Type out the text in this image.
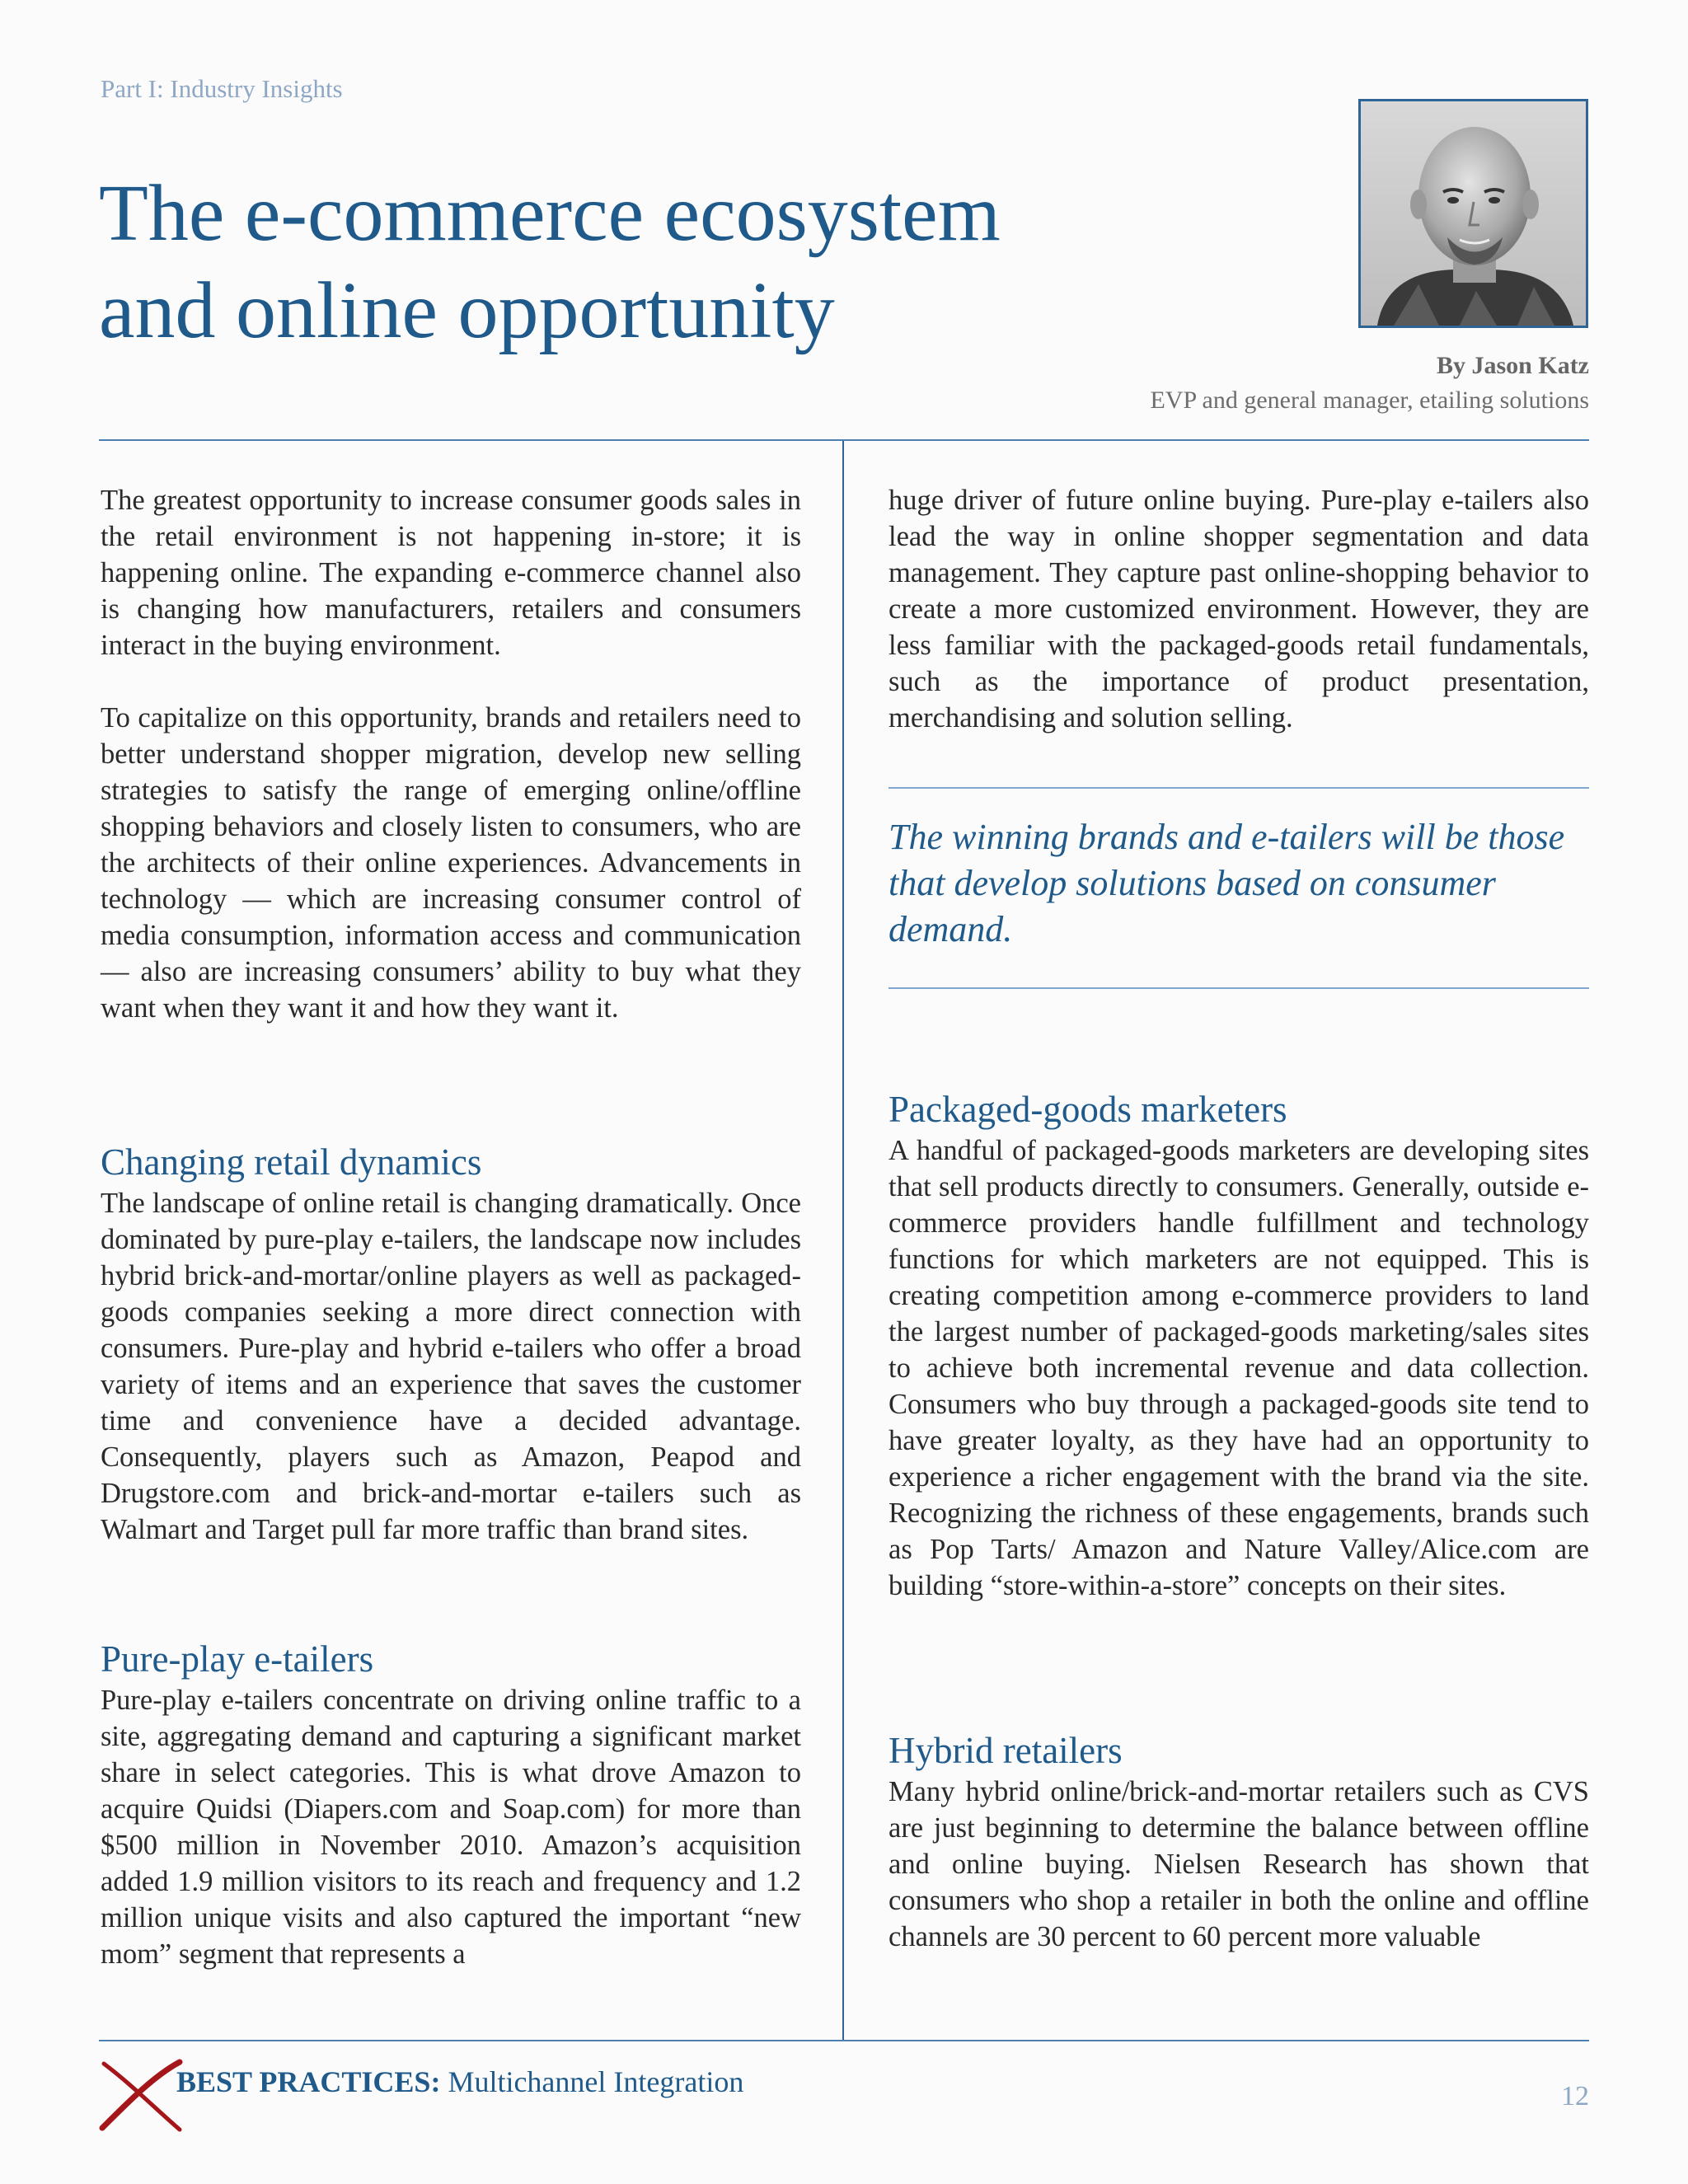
Part I: Industry Insights
The e-commerce ecosystem
and online opportunity
By Jason Katz
EVP and general manager, etailing solutions

The greatest opportunity to increase consumer goods sales in the retail environment is not happening in-store; it is happening online. The expanding e-commerce channel also is changing how manufacturers, retailers and consumers interact in the buying environment.

To capitalize on this opportunity, brands and retailers need to better understand shopper migration, develop new selling strategies to satisfy the range of emerging online/offline shopping behaviors and closely listen to consumers, who are the architects of their online experiences. Advancements in technology — which are increasing consumer control of media consumption, information access and communication — also are increasing consumers’ ability to buy what they want when they want it and how they want it.

Changing retail dynamics

The landscape of online retail is changing dramatically. Once dominated by pure-play e-tailers, the landscape now includes hybrid brick-and-mortar/online players as well as packaged-goods companies seeking a more direct connection with consumers. Pure-play and hybrid e-tailers who offer a broad variety of items and an experience that saves the customer time and convenience have a decided advantage. Consequently, players such as Amazon, Peapod and Drugstore.com and brick-and-mortar e-tailers such as Walmart and Target pull far more traffic than brand sites.

Pure-play e-tailers

Pure-play e-tailers concentrate on driving online traffic to a site, aggregating demand and capturing a significant market share in select categories. This is what drove Amazon to acquire Quidsi (Diapers.com and Soap.com) for more than $500 million in November 2010. Amazon’s acquisition added 1.9 million visitors to its reach and frequency and 1.2 million unique visits and also captured the important “new mom” segment that represents a

huge driver of future online buying. Pure-play e-tailers also lead the way in online shopper segmentation and data management. They capture past online-shopping behavior to create a more customized environment. However, they are less familiar with the packaged-goods retail fundamentals, such as the importance of product presentation, merchandising and solution selling.

The winning brands and e-tailers will be those that develop solutions based on consumer demand.
Packaged-goods marketers

A handful of packaged-goods marketers are developing sites that sell products directly to consumers. Generally, outside e-commerce providers handle fulfillment and technology functions for which marketers are not equipped. This is creating competition among e-commerce providers to land the largest number of packaged-goods marketing/sales sites to achieve both incremental revenue and data collection. Consumers who buy through a packaged-goods site tend to have greater loyalty, as they have had an opportunity to experience a richer engagement with the brand via the site. Recognizing the richness of these engagements, brands such as Pop Tarts/ Amazon and Nature Valley/Alice.com are building “store-within-a-store” concepts on their sites.

Hybrid retailers

Many hybrid online/brick-and-mortar retailers such as CVS are just beginning to determine the balance between offline and online buying. Nielsen Research has shown that consumers who shop a retailer in both the online and offline channels are 30 percent to 60 percent more valuable

BEST PRACTICES: Multichannel Integration	12
